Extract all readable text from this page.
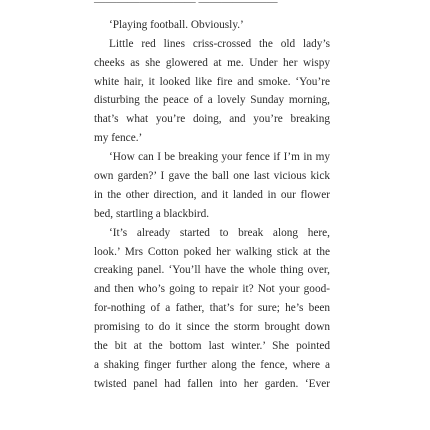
————————— ———————
‘Playing football. Obviously.’
Little red lines criss-crossed the old lady’s
cheeks as she glowered at me. Under her wispy
white hair, it looked like fire and smoke. ‘You’re
disturbing the peace of a lovely Sunday morning,
that’s what you’re doing, and you’re breaking
my fence.’
‘How can I be breaking your fence if I’m in my
own garden?’ I gave the ball one last vicious kick
in the other direction, and it landed in our flower
bed, startling a blackbird.
‘It’s already started to break along here,
look.’ Mrs Cotton poked her walking stick at the
creaking panel. ‘You’ll have the whole thing over,
and then who’s going to repair it? Not your good-
for-nothing of a father, that’s for sure; he’s been
promising to do it since the storm brought down
the bit at the bottom last winter.’ She pointed
a shaking finger further along the fence, where a
twisted panel had fallen into her garden. ‘Ever
